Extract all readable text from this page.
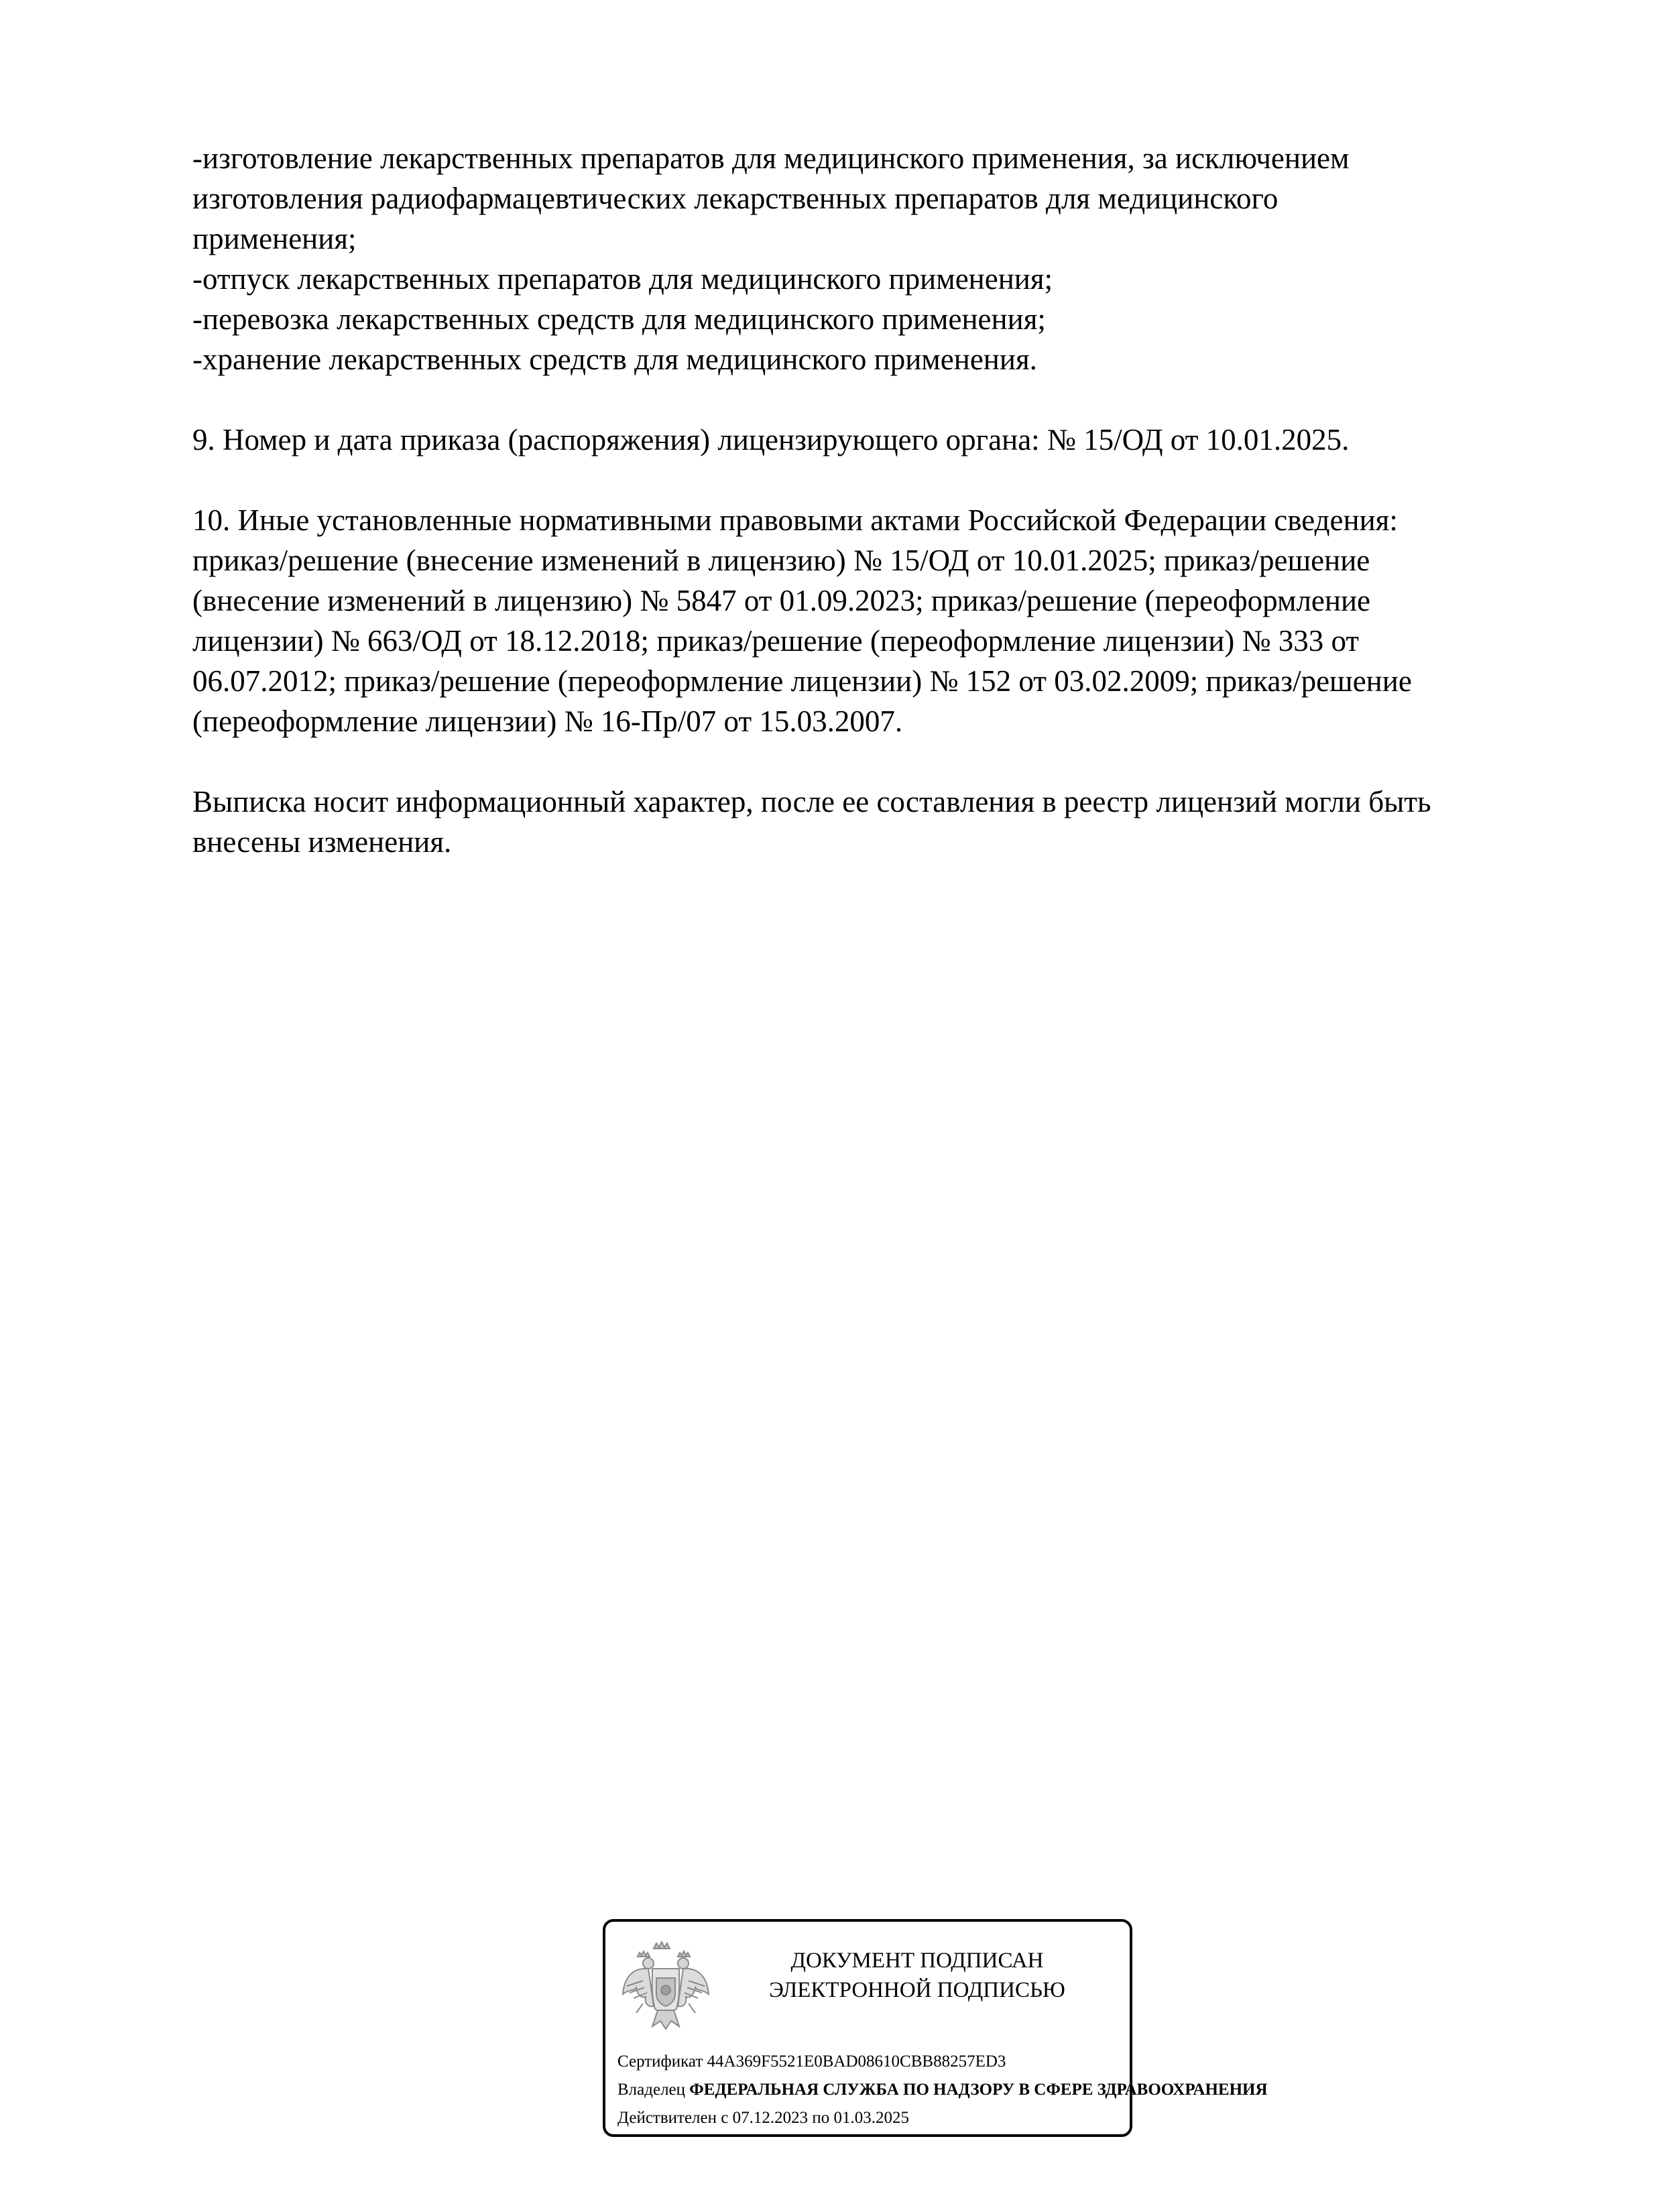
-изготовление лекарственных препаратов для медицинского применения, за исключением

изготовления радиофармацевтических лекарственных препаратов для медицинского

применения;

-отпуск лекарственных препаратов для медицинского применения;

-перевозка лекарственных средств для медицинского применения;

-хранение лекарственных средств для медицинского применения.

9. Номер и дата приказа (распоряжения) лицензирующего органа: № 15/ОД от 10.01.2025.

10. Иные установленные нормативными правовыми актами Российской Федерации сведения:

приказ/решение (внесение изменений в лицензию) № 15/ОД от 10.01.2025; приказ/решение

(внесение изменений в лицензию) № 5847 от 01.09.2023; приказ/решение (переоформление

лицензии) № 663/ОД от 18.12.2018; приказ/решение (переоформление лицензии) № 333 от

06.07.2012; приказ/решение (переоформление лицензии) № 152 от 03.02.2009; приказ/решение

(переоформление лицензии) № 16-Пр/07 от 15.03.2007.

Выписка носит информационный характер, после ее составления в реестр лицензий могли быть

внесены изменения.

ДОКУМЕНТ ПОДПИСАН
ЭЛЕКТРОННОЙ ПОДПИСЬЮ
Сертификат 44A369F5521E0BAD08610CBB88257ED3
Владелец ФЕДЕРАЛЬНАЯ СЛУЖБА ПО НАДЗОРУ В СФЕРЕ ЗДРАВООХРАНЕНИЯ
Действителен с 07.12.2023 по 01.03.2025
